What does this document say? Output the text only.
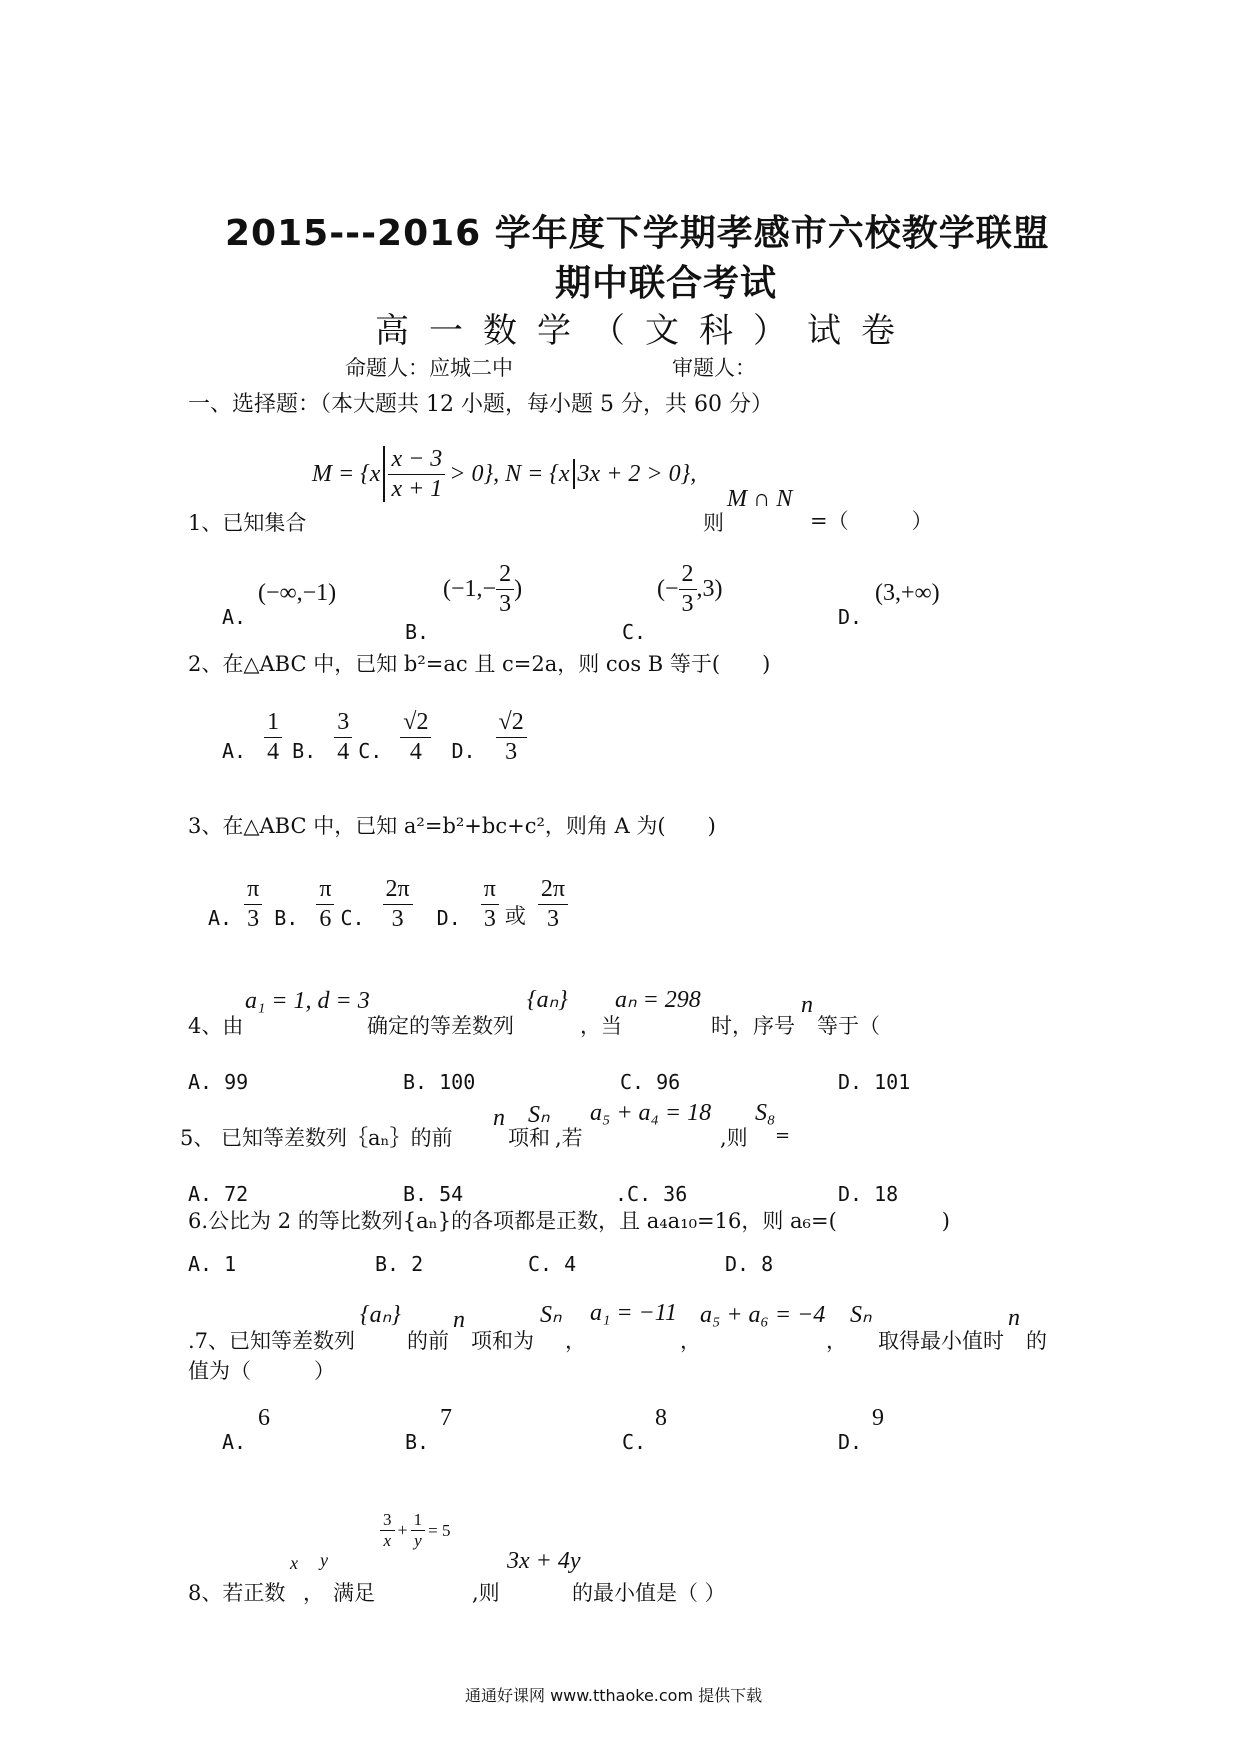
2015---2016 学年度下学期孝感市六校教学联盟
期中联合考试
高一数学（文科）试卷
命题人：应城二中	审题人：
一、选择题：（本大题共 12 小题，每小题 5 分，共 60 分）
$M = \{x \frac{x - 3}{x + 1} > 0\}$, N = {x 3x + 2 > 0},
1、已知集合	则
M ∩ N
=（　　　）
A.
(−∞,−1)	($-1,- \frac{2}{3}$ )
B.
(− $\frac{2}{3} ,3$)
C.
D.
(3,+∞)
2、在△ABC 中，已知 b²=ac 且 c=2a，则 cos B 等于(　　)
A. $\frac{1}{4} B$. $\frac{3}{4} C$. $\frac{√2}{4} D$. $\frac{√2}{3}$
3、在△ABC 中，已知 a²=b²+bc+c²，则角 A 为(　　)
A. $\frac{\pi}{3} B$. $\frac{\pi}{6} C$. $\frac{2\pi}{3} D$. $\frac{\pi}{3}$ 或 $\frac{2\pi}{3}$
4、由
a₁ = 1, d = 3
确定的等差数列
{aₙ}
，当
aₙ = 298
时，序号
n
等于（
A. 99	B. 100	C. 96	D. 101
5、 已知等差数列｛aₙ｝的前
n
项和
Sₙ
,若
a₅ + a₄ = 18
,则
S₈
=
A. 72	B. 54	.C. 36	D. 18
6.公比为 2 的等比数列{aₙ}的各项都是正数，且 a₄a₁₀=16，则 a₆=(　　　　　)
A. 1	B. 2	C. 4	D. 8
.7、已知等差数列
{aₙ}
的前
n
项和为
Sₙ
，
a₁ = −11
，
a₅ + a₆ = −4
，
Sₙ
取得最小值时
n
的
值为（　　　）
A.
6
B.
7
C.
8
D.
9
8、若正数
x
，
y
满足
$\frac{3}{x} + \frac{1}{y} = 5$
,则
3x + 4y
的最小值是（ ）
通通好课网 www.tthaoke.com 提供下载
